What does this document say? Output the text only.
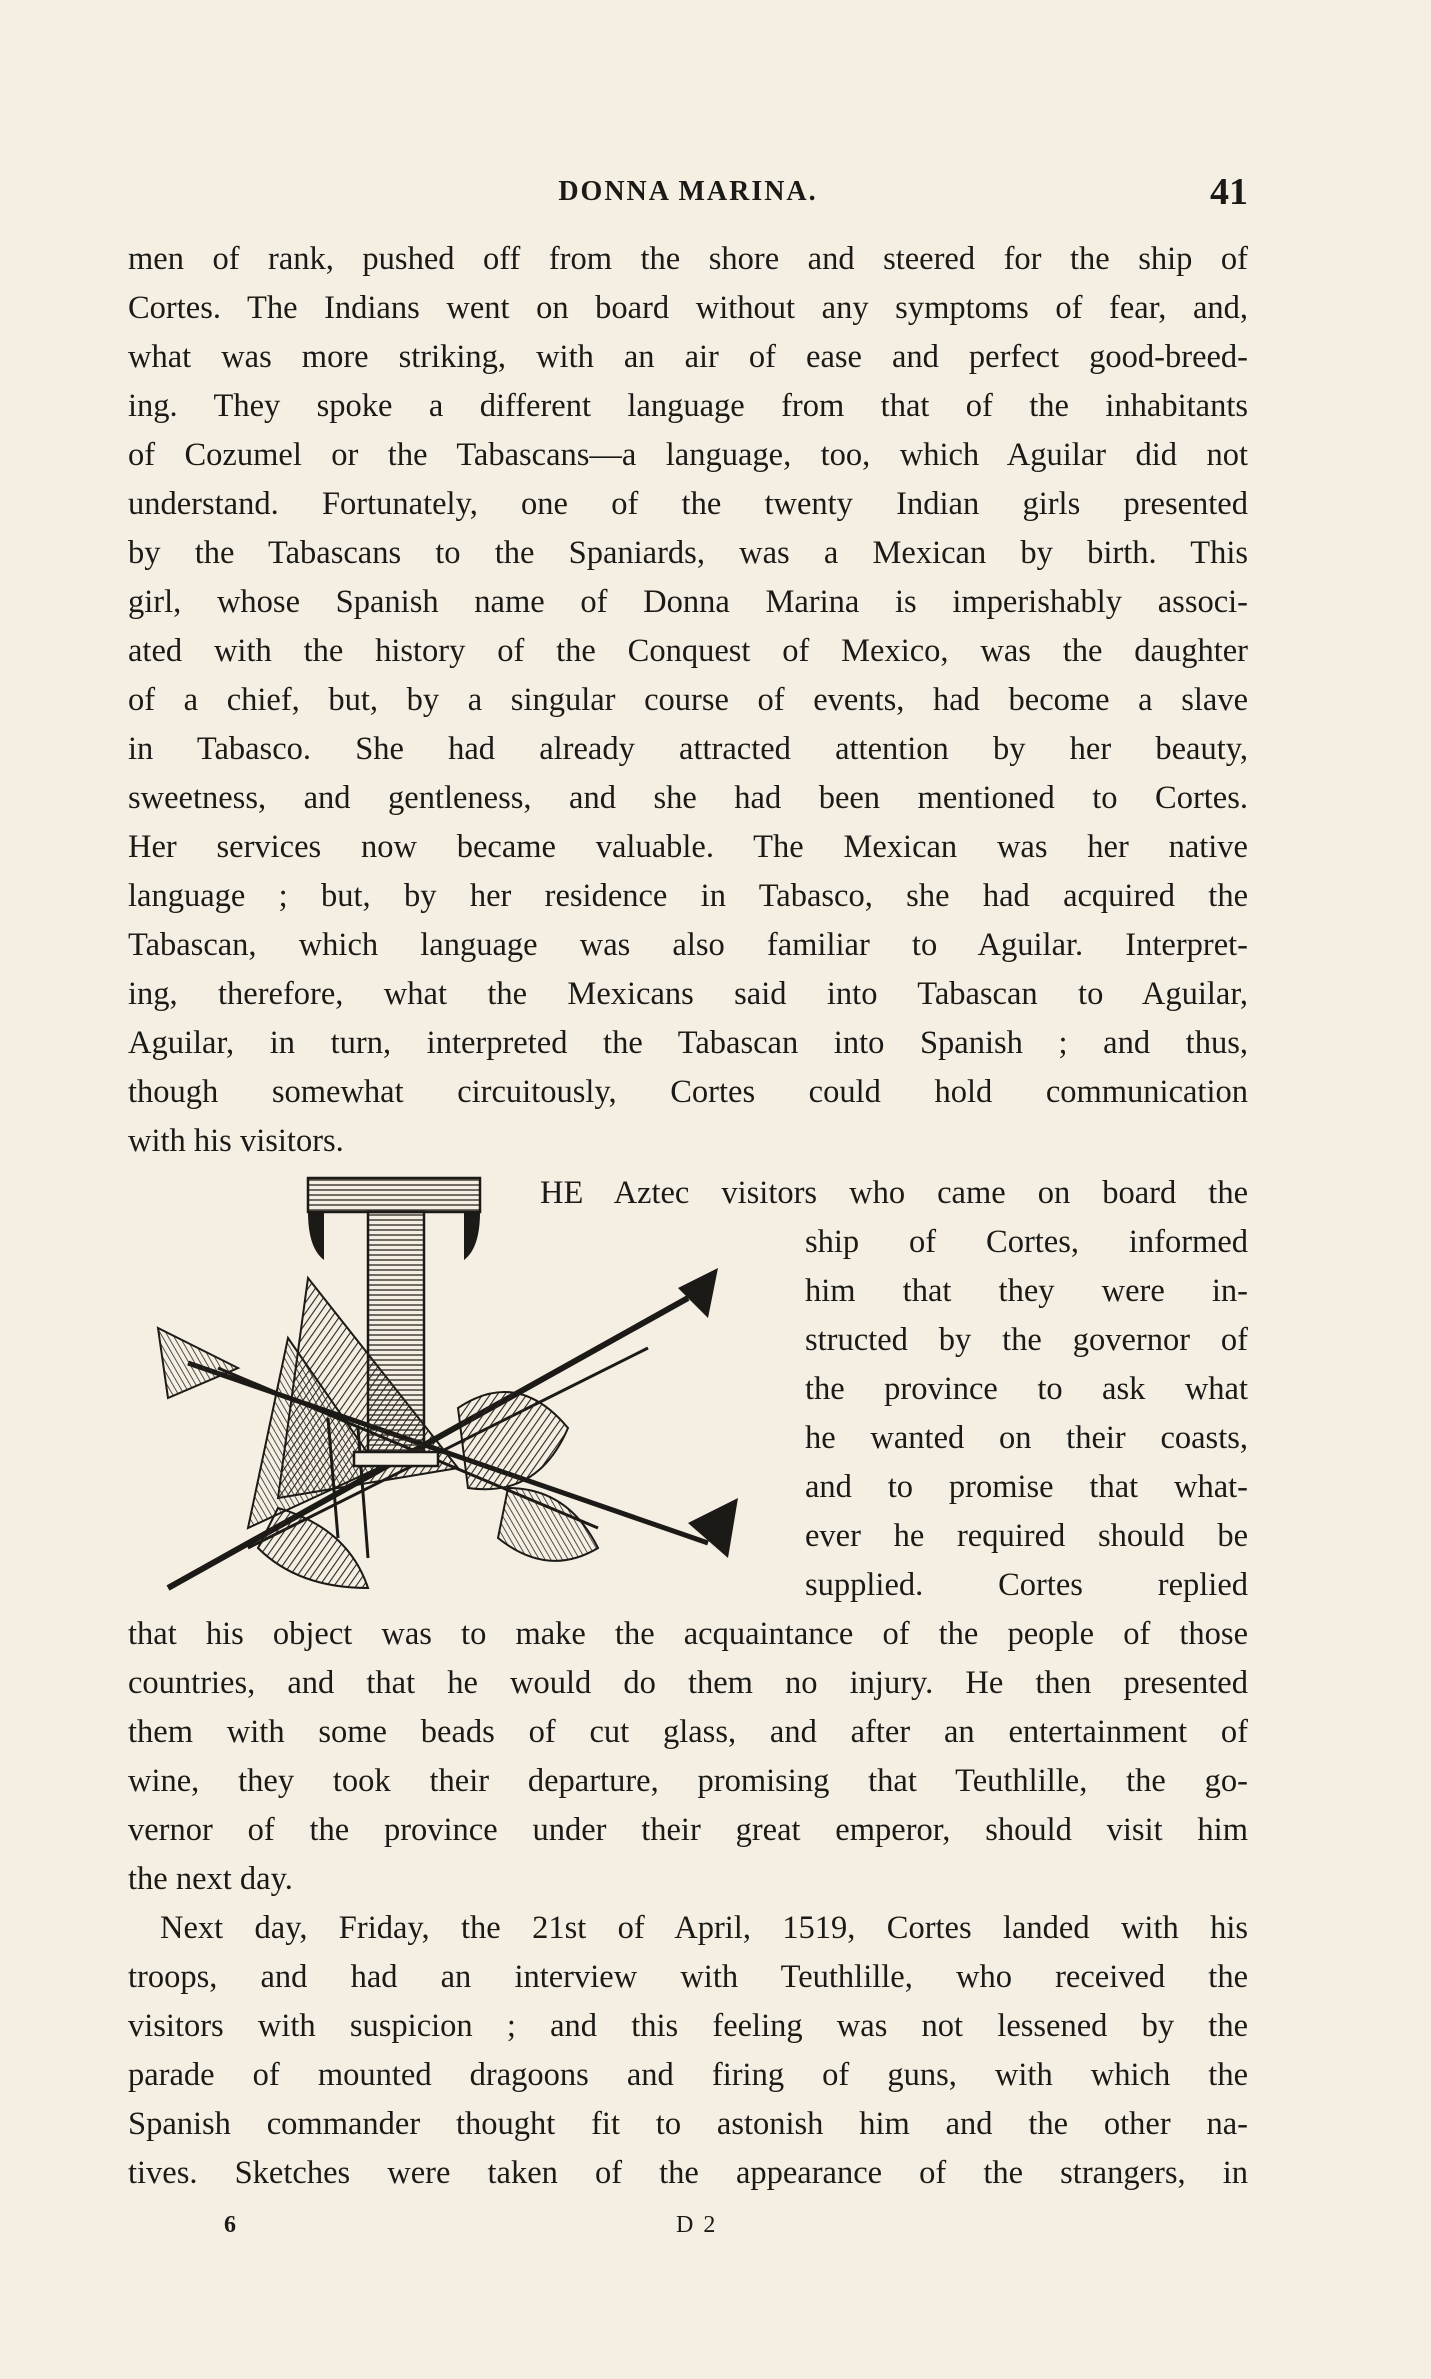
DONNA MARINA.	41
men of rank, pushed off from the shore and steered for the ship of
Cortes. The Indians went on board without any symptoms of fear, and,
what was more striking, with an air of ease and perfect good-breed-
ing. They spoke a different language from that of the inhabitants
of Cozumel or the Tabascans—a language, too, which Aguilar did not
understand. Fortunately, one of the twenty Indian girls presented
by the Tabascans to the Spaniards, was a Mexican by birth. This
girl, whose Spanish name of Donna Marina is imperishably associ-
ated with the history of the Conquest of Mexico, was the daughter
of a chief, but, by a singular course of events, had become a slave
in Tabasco. She had already attracted attention by her beauty,
sweetness, and gentleness, and she had been mentioned to Cortes.
Her services now became valuable. The Mexican was her native
language ; but, by her residence in Tabasco, she had acquired the
Tabascan, which language was also familiar to Aguilar. Interpret-
ing, therefore, what the Mexicans said into Tabascan to Aguilar,
Aguilar, in turn, interpreted the Tabascan into Spanish ; and thus,
though somewhat circuitously, Cortes could hold communication
with his visitors.
HE Aztec visitors who came on board the
ship of Cortes, informed
him that they were in-
structed by the governor of
the province to ask what
he wanted on their coasts,
and to promise that what-
ever he required should be
supplied. Cortes replied
that his object was to make the acquaintance of the people of those
countries, and that he would do them no injury. He then presented
them with some beads of cut glass, and after an entertainment of
wine, they took their departure, promising that Teuthlille, the go-
vernor of the province under their great emperor, should visit him
the next day.
Next day, Friday, the 21st of April, 1519, Cortes landed with his
troops, and had an interview with Teuthlille, who received the
visitors with suspicion ; and this feeling was not lessened by the
parade of mounted dragoons and firing of guns, with which the
Spanish commander thought fit to astonish him and the other na-
tives. Sketches were taken of the appearance of the strangers, in
6	D 2
